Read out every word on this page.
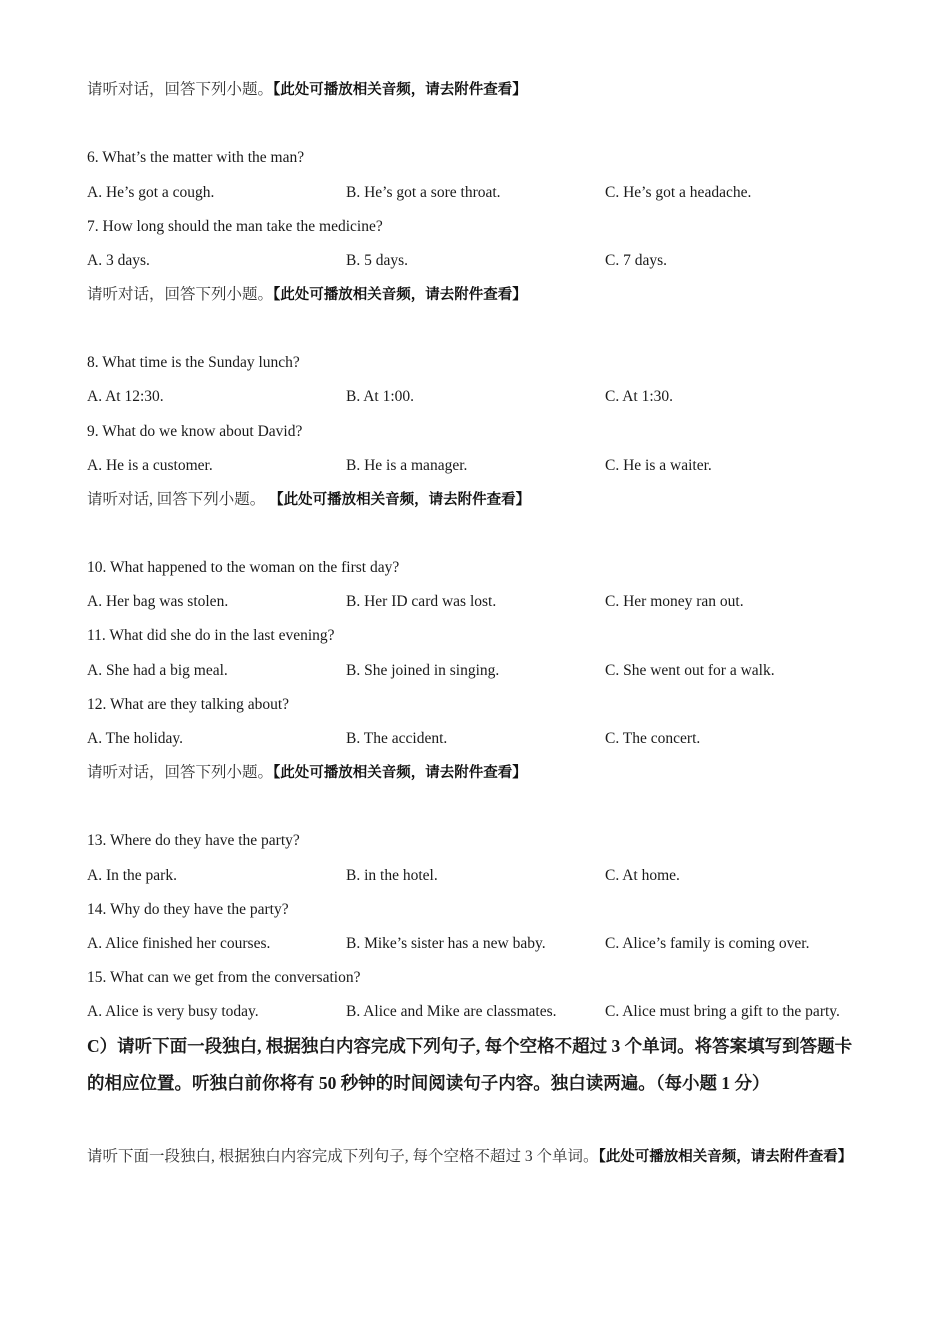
请听对话，回答下列小题。【此处可播放相关音频，请去附件查看】
6. What’s the matter with the man?
A. He’s got a cough.	B. He’s got a sore throat.	C. He’s got a headache.
7. How long should the man take the medicine?
A. 3 days.	B. 5 days.	C. 7 days.
请听对话，回答下列小题。【此处可播放相关音频，请去附件查看】
8. What time is the Sunday lunch?
A. At 12:30.	B. At 1:00.	C. At 1:30.
9. What do we know about David?
A. He is a customer.	B. He is a manager.	C. He is a waiter.
请听对话, 回答下列小题。 【此处可播放相关音频，请去附件查看】
10. What happened to the woman on the first day?
A. Her bag was stolen.	B. Her ID card was lost.	C. Her money ran out.
11. What did she do in the last evening?
A. She had a big meal.	B. She joined in singing.	C. She went out for a walk.
12. What are they talking about?
A. The holiday.	B. The accident.	C. The concert.
请听对话，回答下列小题。【此处可播放相关音频，请去附件查看】
13. Where do they have the party?
A. In the park.	B. in the hotel.	C. At home.
14. Why do they have the party?
A. Alice finished her courses.	B. Mike’s sister has a new baby.	C. Alice’s family is coming over.
15. What can we get from the conversation?
A. Alice is very busy today.	B. Alice and Mike are classmates.	C. Alice must bring a gift to the party.
C）请听下面一段独白, 根据独白内容完成下列句子, 每个空格不超过 3 个单词。将答案填写到答题卡的相应位置。听独白前你将有 50 秒钟的时间阅读句子内容。独白读两遍。（每小题 1 分）
请听下面一段独白, 根据独白内容完成下列句子, 每个空格不超过 3 个单词。【此处可播放相关音频，请去附件查看】
